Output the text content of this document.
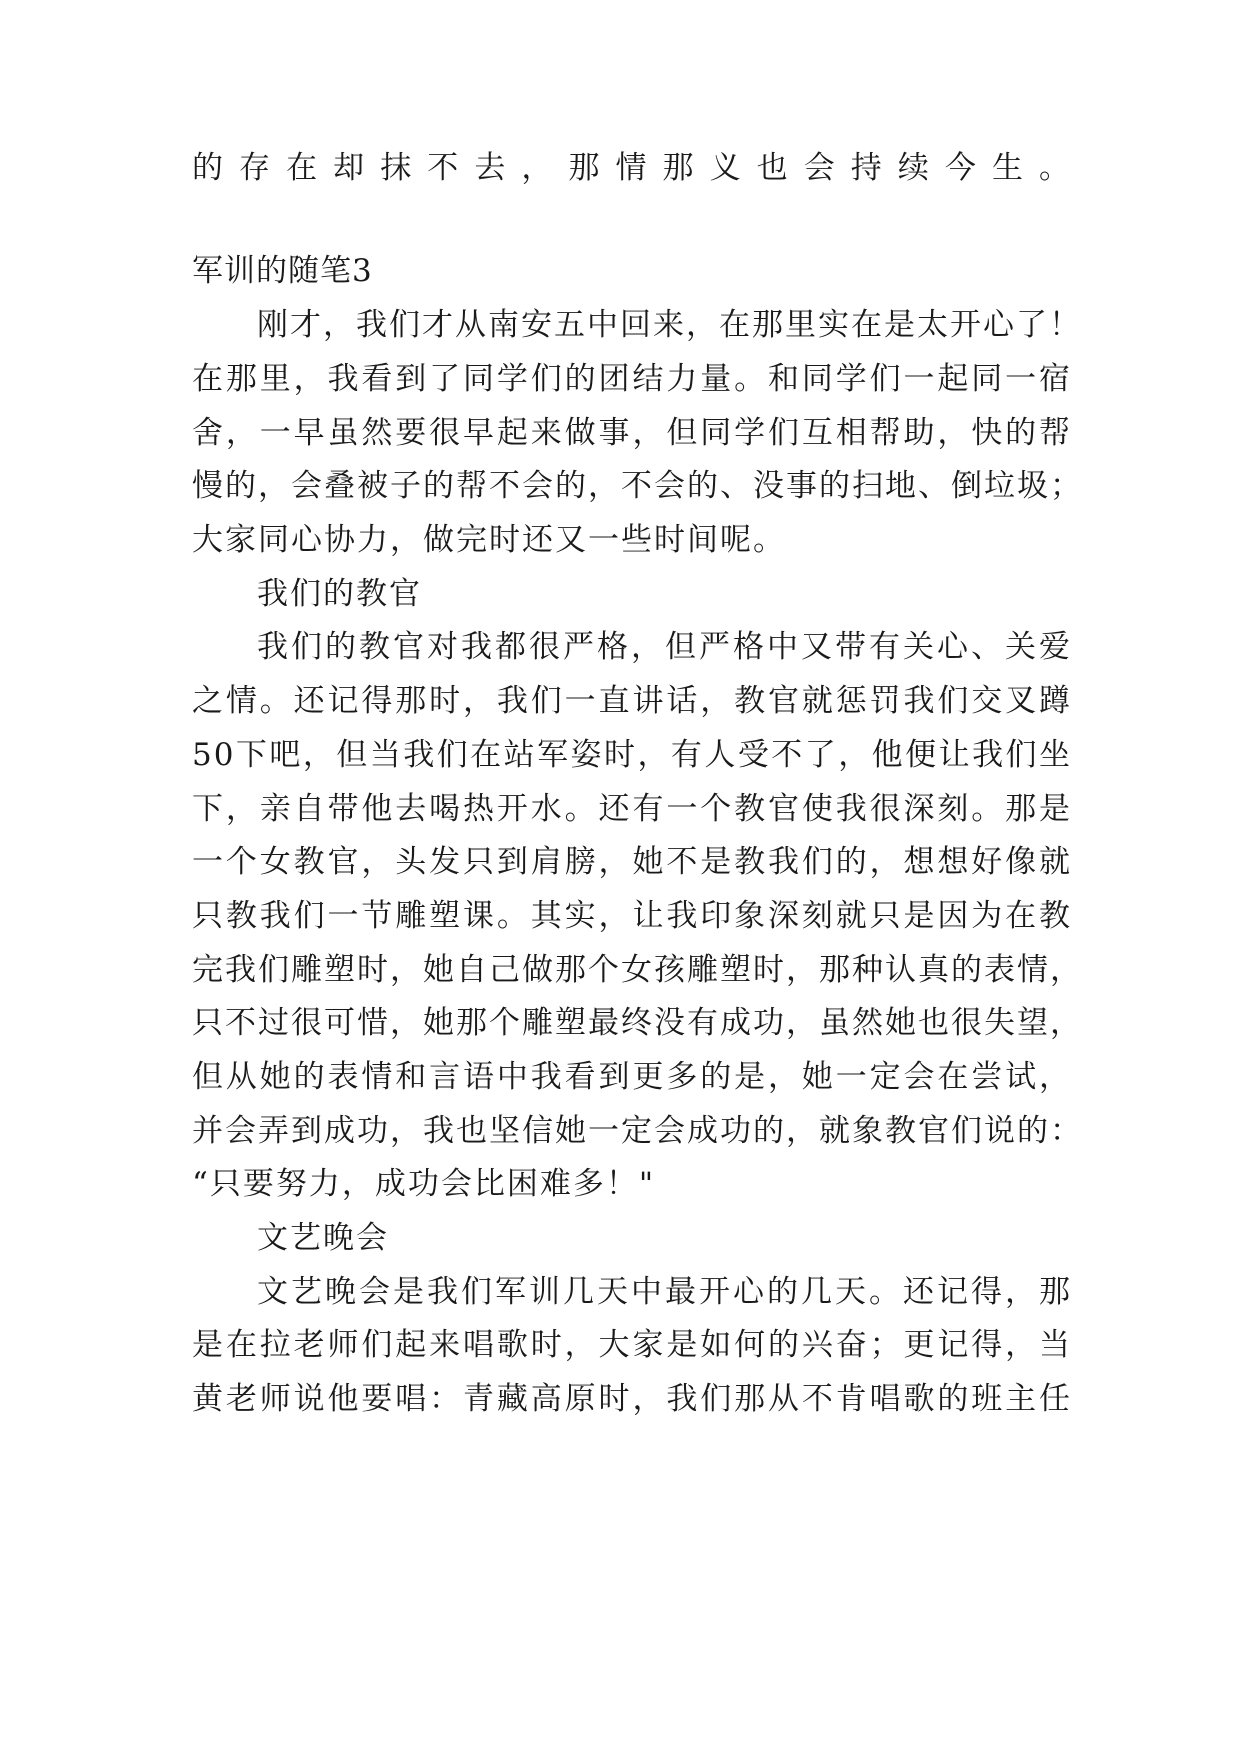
的存在却抹不去，那情那义也会持续今生。
军训的随笔3
刚才，我们才从南安五中回来，在那里实在是太开心了！
在那里，我看到了同学们的团结力量。和同学们一起同一宿
舍，一早虽然要很早起来做事，但同学们互相帮助，快的帮
慢的，会叠被子的帮不会的，不会的、没事的扫地、倒垃圾；
大家同心协力，做完时还又一些时间呢。
我们的教官
我们的教官对我都很严格，但严格中又带有关心、关爱
之情。还记得那时，我们一直讲话，教官就惩罚我们交叉蹲
50下吧，但当我们在站军姿时，有人受不了，他便让我们坐
下，亲自带他去喝热开水。还有一个教官使我很深刻。那是
一个女教官，头发只到肩膀，她不是教我们的，想想好像就
只教我们一节雕塑课。其实，让我印象深刻就只是因为在教
完我们雕塑时，她自己做那个女孩雕塑时，那种认真的表情，
只不过很可惜，她那个雕塑最终没有成功，虽然她也很失望，
但从她的表情和言语中我看到更多的是，她一定会在尝试，
并会弄到成功，我也坚信她一定会成功的，就象教官们说的：
“只要努力，成功会比困难多！"
文艺晚会
文艺晚会是我们军训几天中最开心的几天。还记得，那
是在拉老师们起来唱歌时，大家是如何的兴奋；更记得，当
黄老师说他要唱：青藏高原时，我们那从不肯唱歌的班主任
